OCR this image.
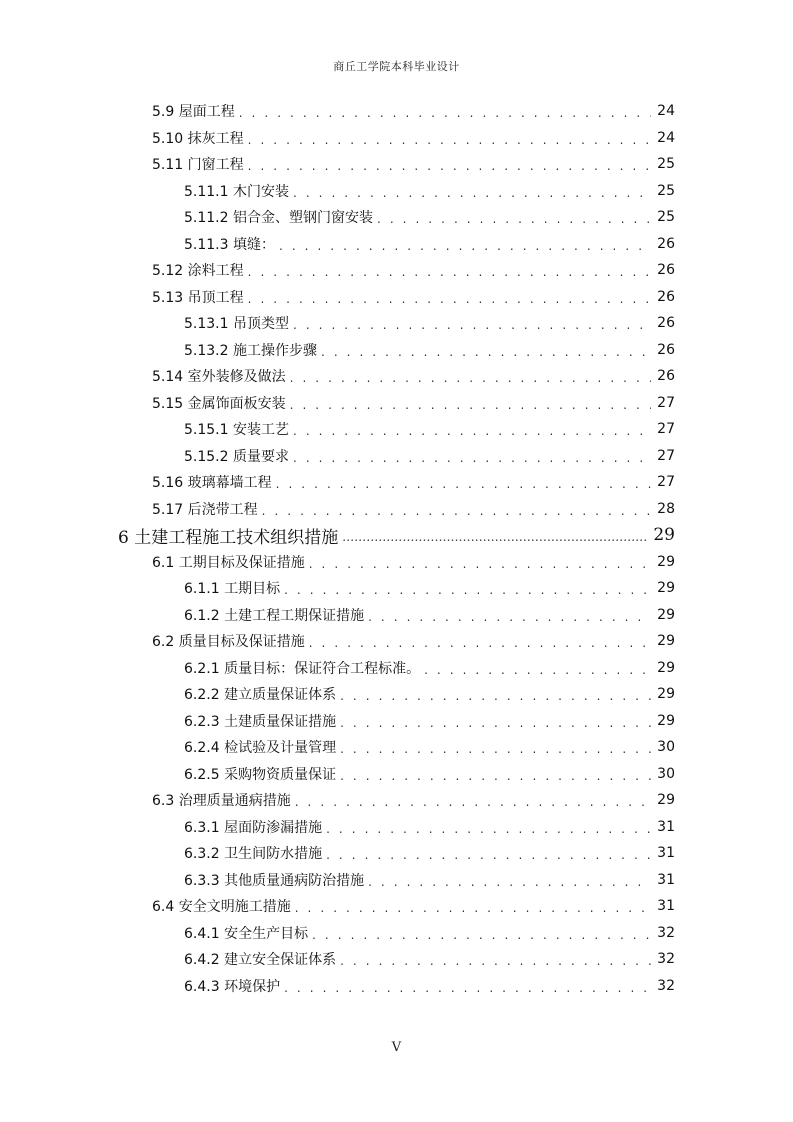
商丘工学院本科毕业设计
5.9 屋面工程 . . .	24
5.10 抹灰工程 . . .	24
5.11 门窗工程 . . .	25
5.11.1 木门安装 . . .	25
5.11.2 铝合金、塑钢门窗安装 . . .	25
5.11.3 填缝： . . .	26
5.12 涂料工程 . . .	26
5.13 吊顶工程 . . .	26
5.13.1 吊顶类型 . . .	26
5.13.2 施工操作步骤 . . .	26
5.14 室外装修及做法 . . .	26
5.15 金属饰面板安装 . . .	27
5.15.1 安装工艺 . . .	27
5.15.2 质量要求 . . .	27
5.16 玻璃幕墙工程 . . .	27
5.17 后浇带工程 . . .	28
6 土建工程施工技术组织措施 .....	29
6.1 工期目标及保证措施 . . .	29
6.1.1 工期目标 . . .	29
6.1.2 土建工程工期保证措施 . . .	29
6.2 质量目标及保证措施 . . .	29
6.2.1 质量目标：保证符合工程标准。 . . .	29
6.2.2 建立质量保证体系 . . .	29
6.2.3 土建质量保证措施 . . .	29
6.2.4 检试验及计量管理 . . .	30
6.2.5 采购物资质量保证 . . .	30
6.3 治理质量通病措施 . . .	29
6.3.1 屋面防渗漏措施 . . .	31
6.3.2 卫生间防水措施 . . .	31
6.3.3 其他质量通病防治措施 . . .	31
6.4 安全文明施工措施 . . .	31
6.4.1 安全生产目标 . . .	32
6.4.2 建立安全保证体系 . . .	32
6.4.3 环境保护 . . .	32
V
